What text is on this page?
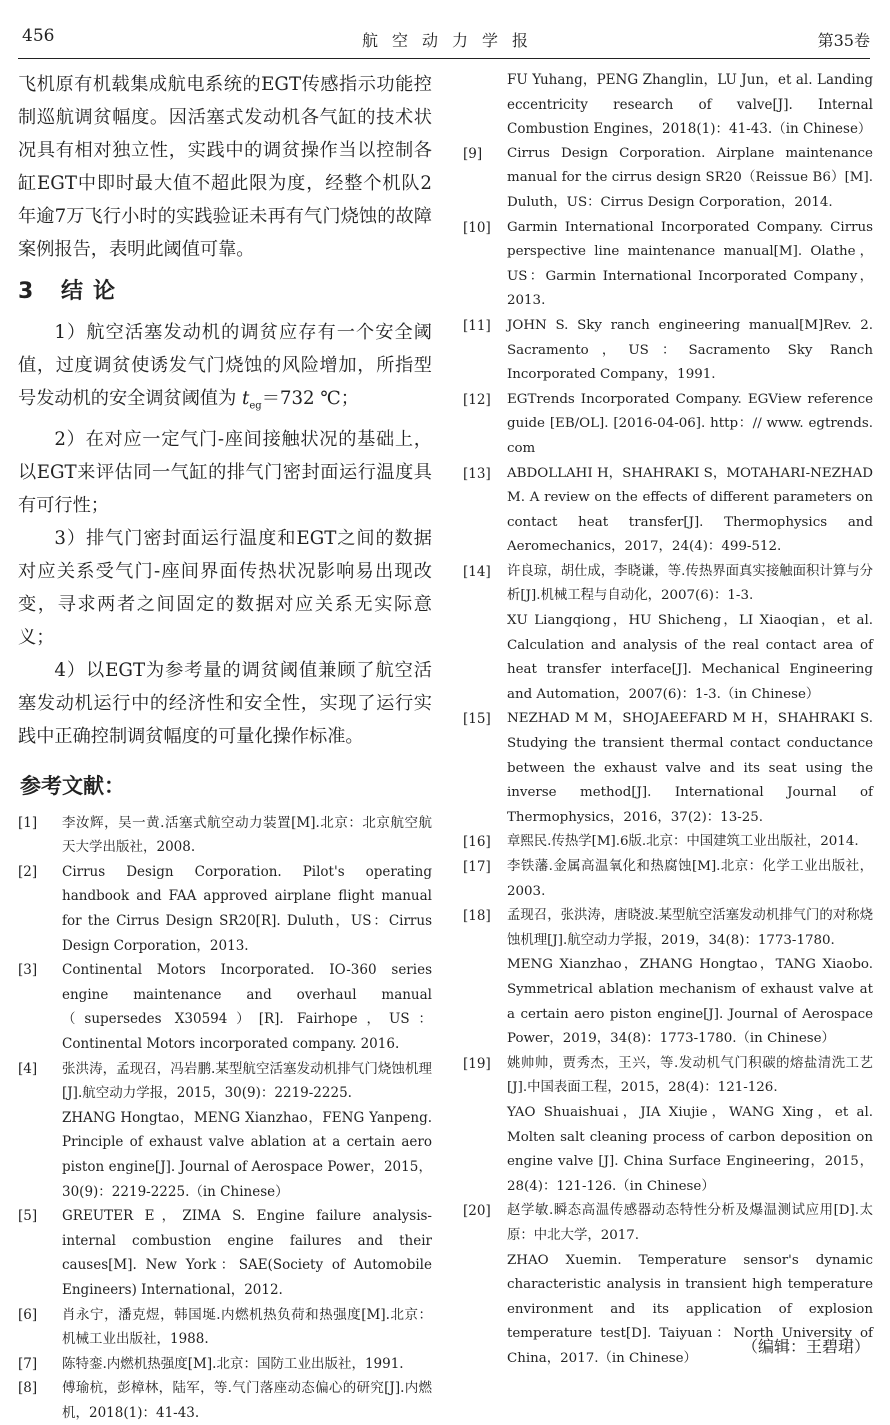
456	航空动力学报	第35卷

飞机原有机载集成航电系统的EGT传感指示功能控制巡航调贫幅度。因活塞式发动机各气缸的技术状况具有相对独立性，实践中的调贫操作当以控制各缸EGT中即时最大值不超此限为度，经整个机队2年逾7万飞行小时的实践验证未再有气门烧蚀的故障案例报告，表明此阈值可靠。

3 结论

1）航空活塞发动机的调贫应存有一个安全阈值，过度调贫使诱发气门烧蚀的风险增加，所指型号发动机的安全调贫阈值为 $t_{eg}=732$ ℃；

2）在对应一定气门-座间接触状况的基础上，以EGT来评估同一气缸的排气门密封面运行温度具有可行性；

3）排气门密封面运行温度和EGT之间的数据对应关系受气门-座间界面传热状况影响易出现改变，寻求两者之间固定的数据对应关系无实际意义；

4）以EGT为参考量的调贫阈值兼顾了航空活塞发动机运行中的经济性和安全性，实现了运行实践中正确控制调贫幅度的可量化操作标准。

参考文献：
[1]	李汝辉，吴一黄.活塞式航空动力装置[M].北京：北京航空航天大学出版社，2008.

[2]	Cirrus Design Corporation. Pilot's operating handbook and FAA approved airplane flight manual for the Cirrus Design SR20[R]. Duluth，US：Cirrus Design Corporation，2013.

[3]	Continental Motors Incorporated. IO-360 series engine maintenance and overhaul manual（supersedes X30594）[R]. Fairhope，US：Continental Motors incorporated company. 2016.

[4]	张洪涛，孟现召，冯岩鹏.某型航空活塞发动机排气门烧蚀机理[J].航空动力学报，2015，30(9)：2219-2225.

ZHANG Hongtao，MENG Xianzhao，FENG Yanpeng. Principle of exhaust valve ablation at a certain aero piston engine[J]. Journal of Aerospace Power，2015，30(9)：2219-2225.（in Chinese）

[5]	GREUTER E，ZIMA S. Engine failure analysis-internal combustion engine failures and their causes[M]. New York：SAE(Society of Automobile Engineers) International，2012.

[6]	肖永宁，潘克煜，韩国埏.内燃机热负荷和热强度[M].北京：机械工业出版社，1988.

[7]	陈特銮.内燃机热强度[M].北京：国防工业出版社，1991.

[8]	傅瑜杭，彭樟林，陆军，等.气门落座动态偏心的研究[J].内燃机，2018(1)：41-43.

FU Yuhang，PENG Zhanglin，LU Jun，et al. Landing eccentricity research of valve[J]. Internal Combustion Engines，2018(1)：41-43.（in Chinese）

[9]	Cirrus Design Corporation. Airplane maintenance manual for the cirrus design SR20（Reissue B6）[M]. Duluth，US：Cirrus Design Corporation，2014.

[10]	Garmin International Incorporated Company. Cirrus perspective line maintenance manual[M]. Olathe，US：Garmin International Incorporated Company，2013.

[11]	JOHN S. Sky ranch engineering manual[M]Rev. 2. Sacramento，US：Sacramento Sky Ranch Incorporated Company，1991.

[12]	EGTrends Incorporated Company. EGView reference guide [EB/OL]. [2016-04-06]. http：// www. egtrends. com

[13]	ABDOLLAHI H，SHAHRAKI S，MOTAHARI-NEZHAD M. A review on the effects of different parameters on contact heat transfer[J]. Thermophysics and Aeromechanics，2017，24(4)：499-512.

[14]	许良琼，胡仕成，李晓谦，等.传热界面真实接触面积计算与分析[J].机械工程与自动化，2007(6)：1-3.

XU Liangqiong，HU Shicheng，LI Xiaoqian，et al. Calculation and analysis of the real contact area of heat transfer interface[J]. Mechanical Engineering and Automation，2007(6)：1-3.（in Chinese）

[15]	NEZHAD M M，SHOJAEEFARD M H，SHAHRAKI S. Studying the transient thermal contact conductance between the exhaust valve and its seat using the inverse method[J]. International Journal of Thermophysics，2016，37(2)：13-25.

[16]	章熙民.传热学[M].6版.北京：中国建筑工业出版社，2014.

[17]	李铁藩.金属高温氧化和热腐蚀[M].北京：化学工业出版社，2003.

[18]	孟现召，张洪涛，唐晓波.某型航空活塞发动机排气门的对称烧蚀机理[J].航空动力学报，2019，34(8)：1773-1780.

MENG Xianzhao，ZHANG Hongtao，TANG Xiaobo. Symmetrical ablation mechanism of exhaust valve at a certain aero piston engine[J]. Journal of Aerospace Power，2019，34(8)：1773-1780.（in Chinese）

[19]	姚帅帅，贾秀杰，王兴，等.发动机气门积碳的熔盐清洗工艺[J].中国表面工程，2015，28(4)：121-126.

YAO Shuaishuai，JIA Xiujie，WANG Xing，et al. Molten salt cleaning process of carbon deposition on engine valve [J]. China Surface Engineering，2015，28(4)：121-126.（in Chinese）

[20]	赵学敏.瞬态高温传感器动态特性分析及爆温测试应用[D].太原：中北大学，2017.

ZHAO Xuemin. Temperature sensor's dynamic characteristic analysis in transient high temperature environment and its application of explosion temperature test[D]. Taiyuan：North University of China，2017.（in Chinese）

（编辑：王碧珺）
